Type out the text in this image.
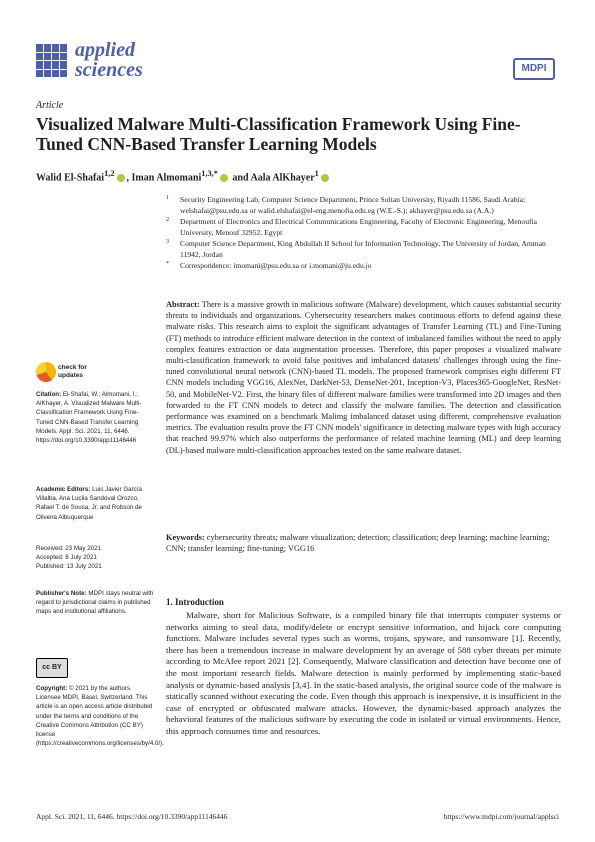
applied
sciences	MDPI
Article
Visualized Malware Multi-Classification Framework Using Fine-Tuned CNN-Based Transfer Learning Models
Walid El-Shafai$^{1,2}$ , Iman Almomani$^{1,3,*}$ and Aala AlKhayer$^1$
1 Security Engineering Lab, Computer Science Department, Prince Sultan University, Riyadh 11586, Saudi Arabia; welshafai@psu.edu.sa or walid.elshafai@el-eng.menofia.edu.eg (W.E.-S.); akhayer@psu.edu.sa (A.A.)
2 Department of Electronics and Electrical Communications Engineering, Faculty of Electronic Engineering, Menoufia University, Menouf 32952, Egypt
3 Computer Science Department, King Abdullah II School for Information Technology, The University of Jordan, Amman 11942, Jordan
* Correspondence: imomani@psu.edu.sa or i.momani@ju.edu.jo
Abstract: There is a massive growth in malicious software (Malware) development, which causes substantial security threats to individuals and organizations. Cybersecurity researchers makes continuous efforts to defend against these malware risks. This research aims to exploit the significant advantages of Transfer Learning (TL) and Fine-Tuning (FT) methods to introduce efficient malware detection in the context of imbalanced families without the need to apply complex features extraction or data augmentation processes. Therefore, this paper proposes a visualized malware multi-classification framework to avoid false positives and imbalanced datasets' challenges through using the fine-tuned convolutional neural network (CNN)-based TL models. The proposed framework comprises eight different FT CNN models including VGG16, AlexNet, DarkNet-53, DenseNet-201, Inception-V3, Places365-GoogleNet, ResNet-50, and MobileNet-V2. First, the binary files of different malware families were transformed into 2D images and then forwarded to the FT CNN models to detect and classify the malware families. The detection and classification performance was examined on a benchmark Malimg imbalanced dataset using different, comprehensive evaluation metrics. The evaluation results prove the FT CNN models' significance in detecting malware types with high accuracy that reached 99.97% which also outperforms the performance of related machine learning (ML) and deep learning (DL)-based malware multi-classification approaches tested on the same malware dataset.
Keywords: cybersecurity threats; malware visualization; detection; classification; deep learning; machine learning; CNN; transfer learning; fine-tuning; VGG16
1. Introduction
Malware, short for Malicious Software, is a compiled binary file that interrupts computer systems or networks aiming to steal data, modify/delete or encrypt sensitive information, and hijack core computing functions. Malware includes several types such as worms, trojans, spyware, and ransomware [1]. Recently, there has been a tremendous increase in malware development by an average of 588 cyber threats per minute according to McAfee report 2021 [2]. Consequently, Malware classification and detection have become one of the most important research fields. Malware detection is mainly performed by implementing static-based analysis or dynamic-based analysis [3,4]. In the static-based analysis, the original source code of the malware is statically scanned without executing the code. Even though this approach is inexpensive, it is insufficient in the case of encrypted or obfuscated malware attacks. However, the dynamic-based approach analyzes the behavioral features of the malicious software by executing the code in isolated or virtual environments. Hence, this approach consumes time and resources.
check for
updates
Citation: El-Shafai, W.; Almomani, I.; AlKhayer, A. Visualized Malware Multi-Classification Framework Using Fine-Tuned CNN-Based Transfer Learning Models. Appl. Sci. 2021, 11, 6446. https://doi.org/10.3390/app11146446
Academic Editors: Luis Javier García Villalba, Ana Lucila Sandoval Orozco, Rafael T. de Sousa, Jr. and Robson de Oliveira Albuquerque
Received: 23 May 2021
Accepted: 8 July 2021
Published: 13 July 2021
Publisher's Note: MDPI stays neutral with regard to jurisdictional claims in published maps and institutional affiliations.
cc BY
Copyright: © 2021 by the authors. Licensee MDPI, Basel, Switzerland. This article is an open access article distributed under the terms and conditions of the Creative Commons Attribution (CC BY) license (https://creativecommons.org/licenses/by/4.0/).
Appl. Sci. 2021, 11, 6446. https://doi.org/10.3390/app11146446	https://www.mdpi.com/journal/applsci
